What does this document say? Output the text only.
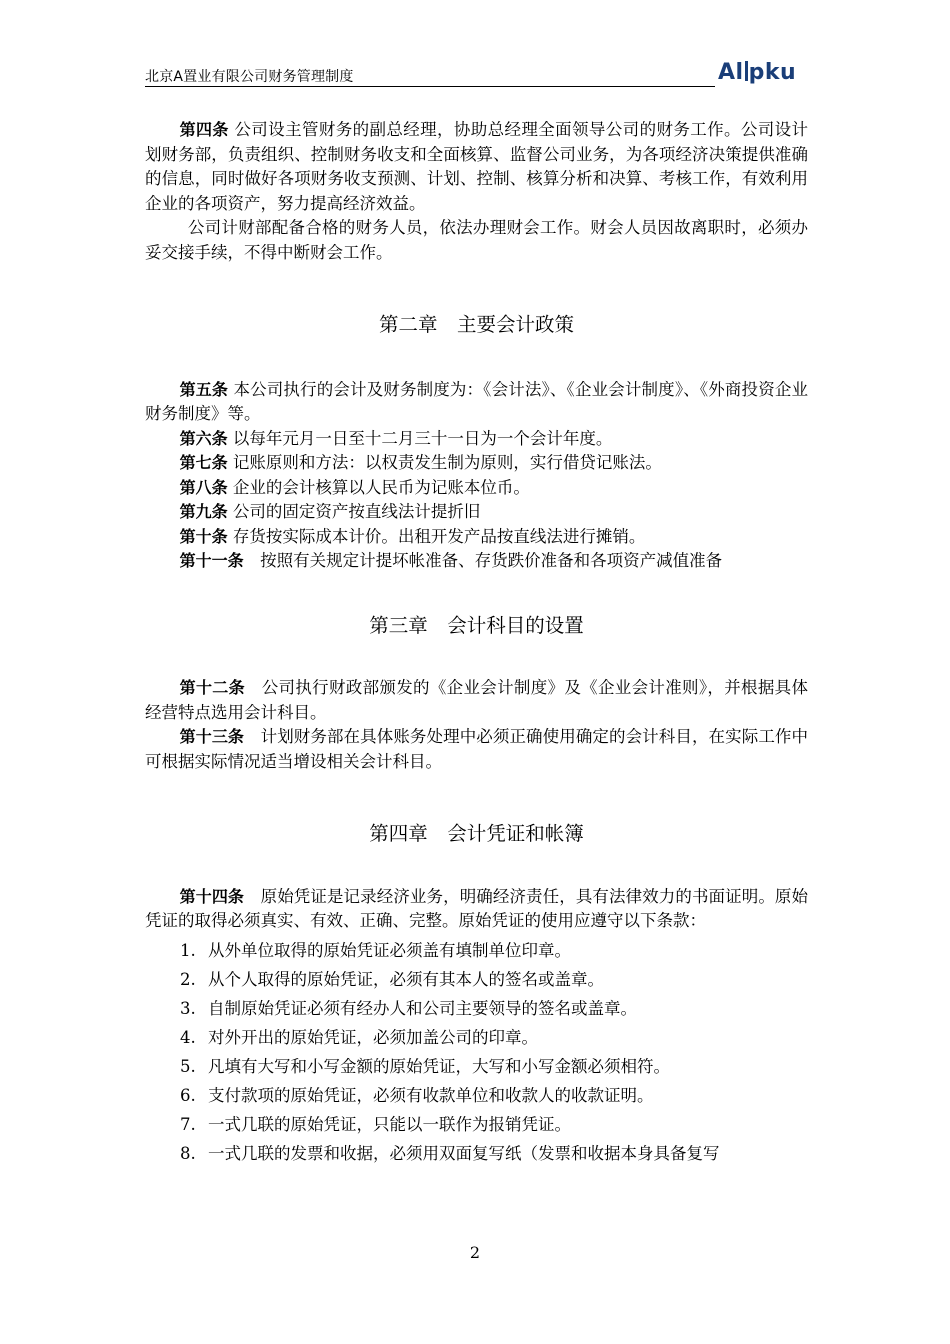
北京A置业有限公司财务管理制度	Al pku

第四条 公司设主管财务的副总经理，协助总经理全面领导公司的财务工作。公司设计划财务部，负责组织、控制财务收支和全面核算、监督公司业务，为各项经济决策提供准确的信息，同时做好各项财务收支预测、计划、控制、核算分析和决算、考核工作，有效利用企业的各项资产，努力提高经济效益。

公司计财部配备合格的财务人员，依法办理财会工作。财会人员因故离职时，必须办妥交接手续，不得中断财会工作。

第二章　主要会计政策

第五条 本公司执行的会计及财务制度为：《会计法》、《企业会计制度》、《外商投资企业财务制度》等。

第六条 以每年元月一日至十二月三十一日为一个会计年度。

第七条 记账原则和方法：以权责发生制为原则，实行借贷记账法。

第八条 企业的会计核算以人民币为记账本位币。

第九条 公司的固定资产按直线法计提折旧

第十条 存货按实际成本计价。出租开发产品按直线法进行摊销。

第十一条　按照有关规定计提坏帐准备、存货跌价准备和各项资产减值准备

第三章　会计科目的设置

第十二条　公司执行财政部颁发的《企业会计制度》及《企业会计准则》，并根据具体经营特点选用会计科目。

第十三条　计划财务部在具体账务处理中必须正确使用确定的会计科目，在实际工作中可根据实际情况适当增设相关会计科目。

第四章　会计凭证和帐簿

第十四条　原始凭证是记录经济业务，明确经济责任，具有法律效力的书面证明。原始凭证的取得必须真实、有效、正确、完整。原始凭证的使用应遵守以下条款：

1. 从外单位取得的原始凭证必须盖有填制单位印章。

2. 从个人取得的原始凭证，必须有其本人的签名或盖章。

3. 自制原始凭证必须有经办人和公司主要领导的签名或盖章。

4. 对外开出的原始凭证，必须加盖公司的印章。

5. 凡填有大写和小写金额的原始凭证，大写和小写金额必须相符。

6. 支付款项的原始凭证，必须有收款单位和收款人的收款证明。

7. 一式几联的原始凭证，只能以一联作为报销凭证。

8. 一式几联的发票和收据，必须用双面复写纸（发票和收据本身具备复写

2
